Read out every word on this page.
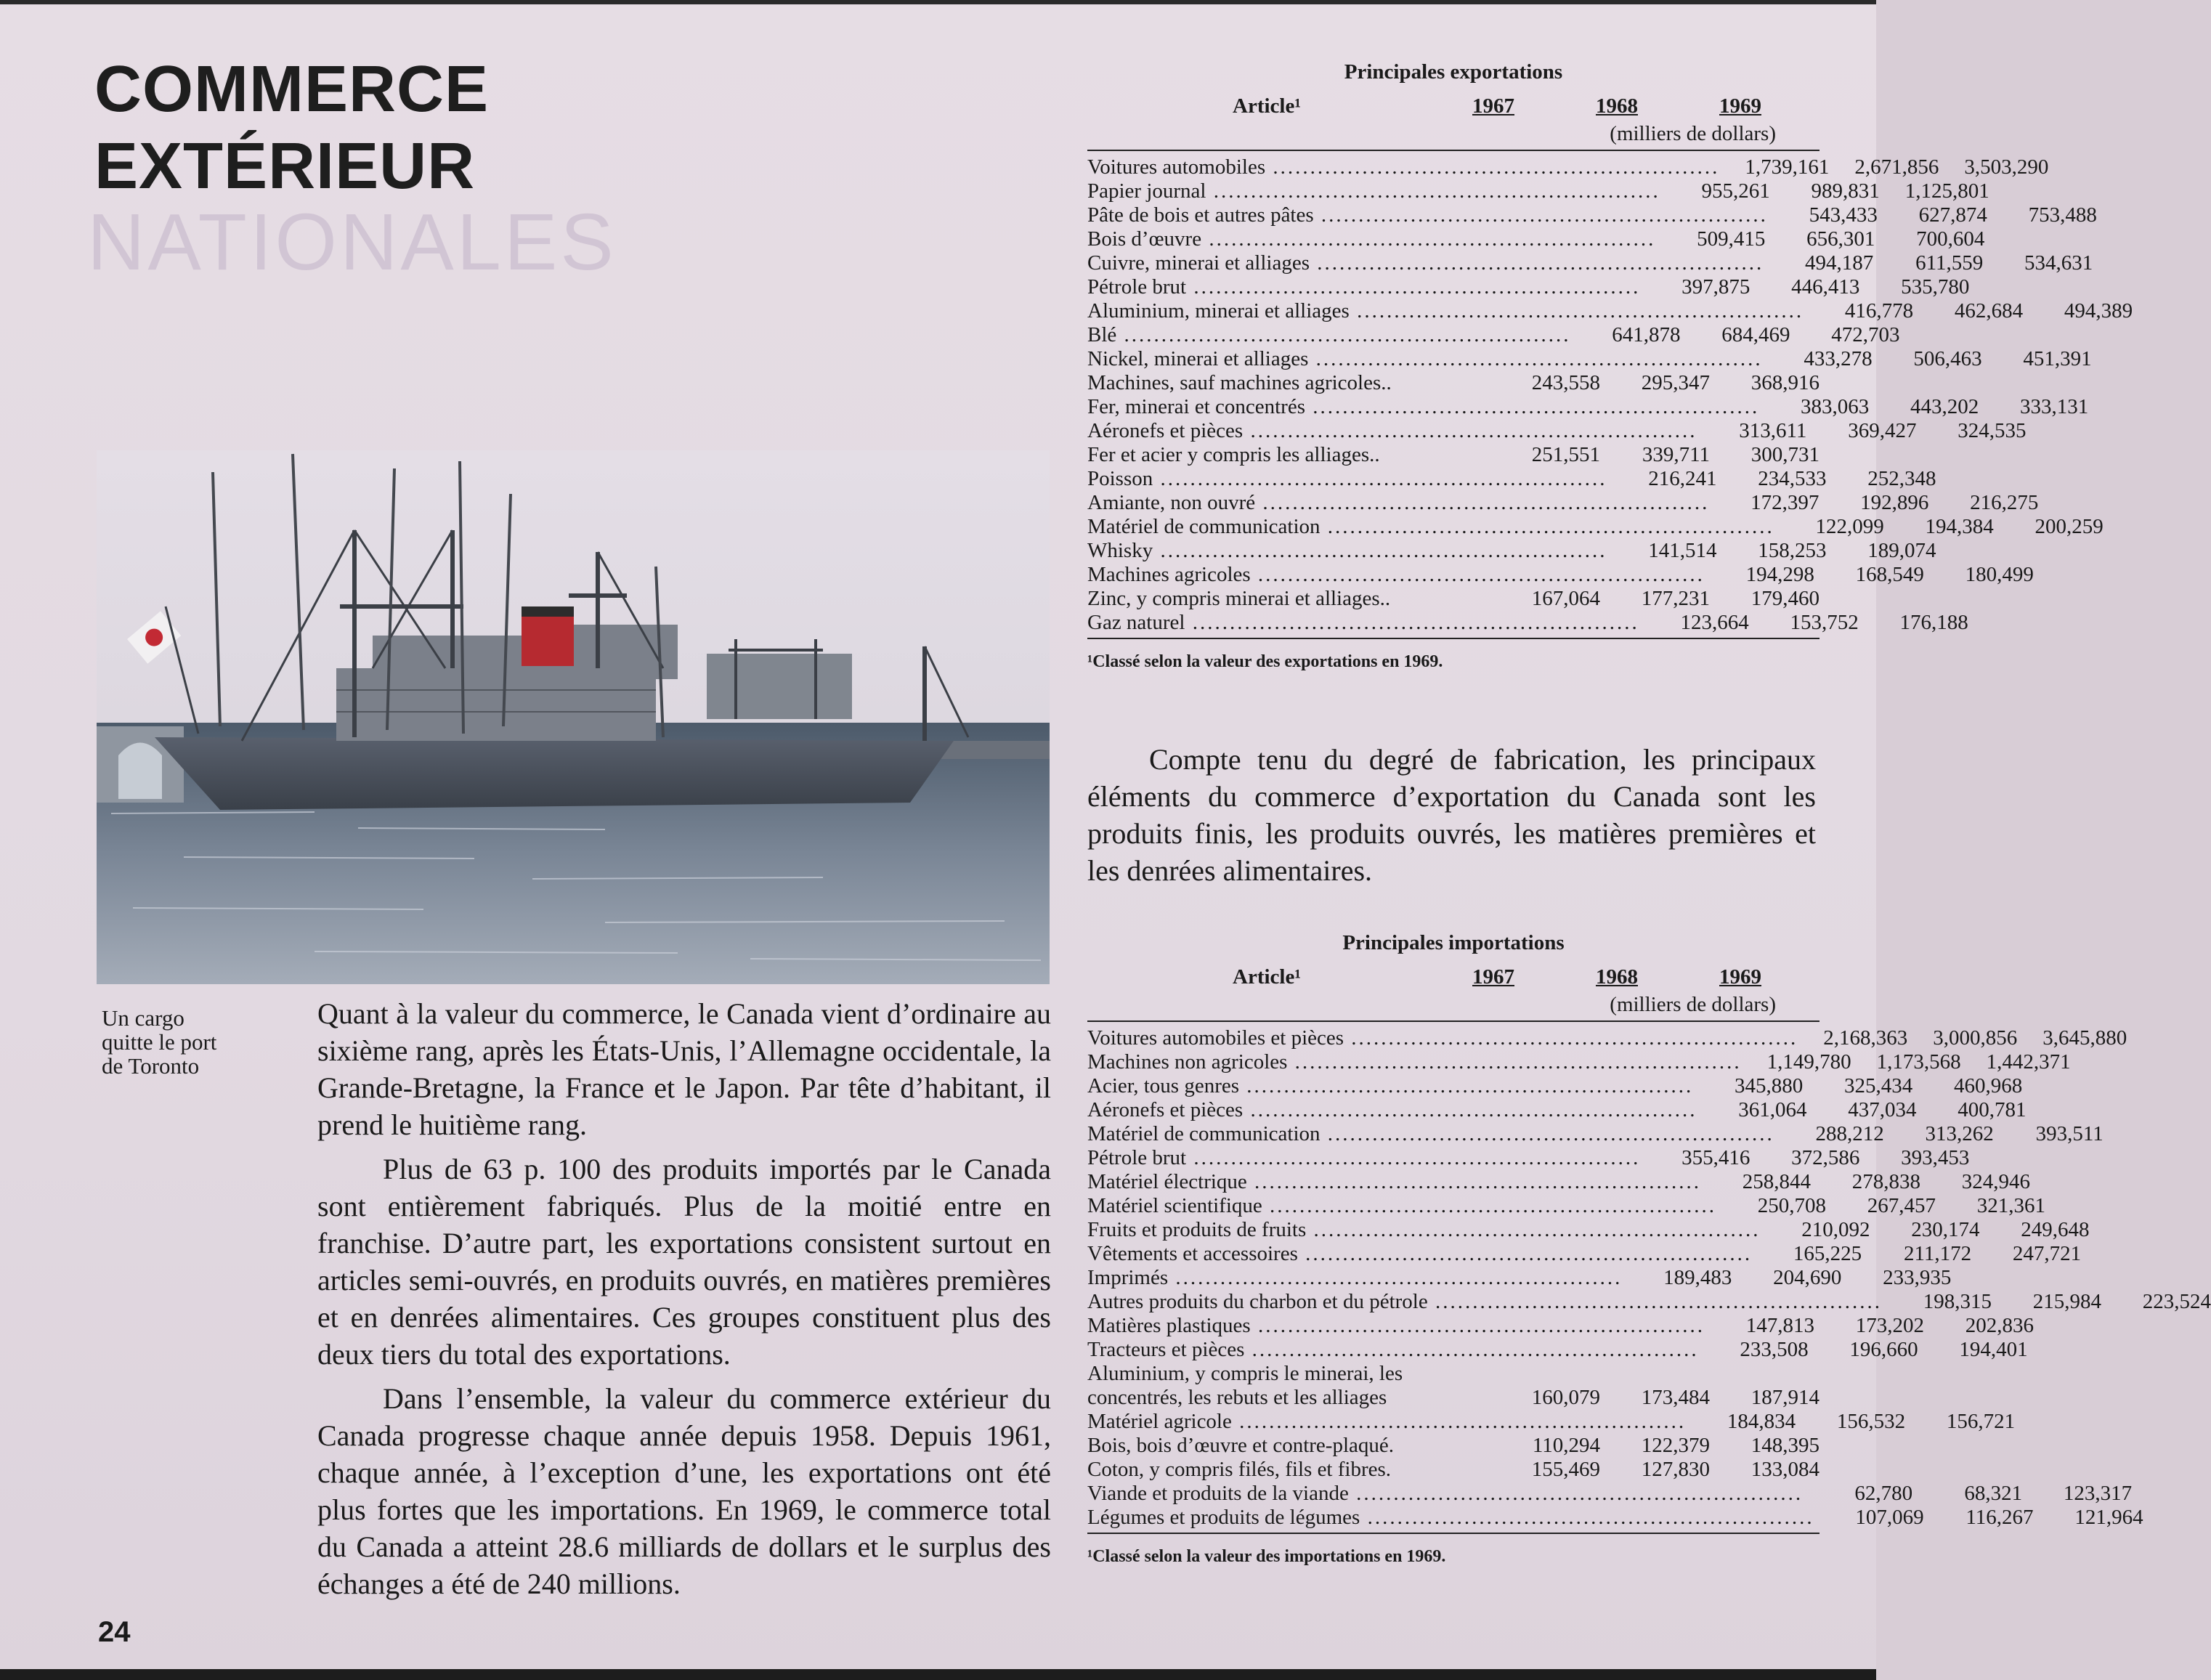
NATIONALES
COMMERCE
EXTÉRIEUR
Un cargo
quitte le port
de Toronto

Quant à la valeur du commerce, le Canada vient d’ordinaire au sixième rang, après les États-Unis, l’Allemagne occidentale, la Grande-Bretagne, la France et le Japon. Par tête d’habitant, il prend le huitième rang.

Plus de 63 p. 100 des produits importés par le Canada sont entièrement fabriqués. Plus de la moitié entre en franchise. D’autre part, les exportations consistent surtout en articles semi-ouvrés, en produits ouvrés, en matières premières et en denrées alimentaires. Ces groupes constituent plus des deux tiers du total des exportations.

Dans l’ensemble, la valeur du commerce extérieur du Canada progresse chaque année depuis 1958. Depuis 1961, chaque année, à l’exception d’une, les exportations ont été plus fortes que les importations. En 1969, le commerce total du Canada a atteint 28.6 milliards de dollars et le surplus des échanges a été de 240 millions.

24
Principales exportations
Article¹	1967	1968	1969
(milliers de dollars)
Voitures automobiles ............................................................	1,739,161	2,671,856	3,503,290
Papier journal ............................................................	955,261	989,831	1,125,801
Pâte de bois et autres pâtes ............................................................	543,433	627,874	753,488
Bois d’œuvre ............................................................	509,415	656,301	700,604
Cuivre, minerai et alliages ............................................................	494,187	611,559	534,631
Pétrole brut ............................................................	397,875	446,413	535,780
Aluminium, minerai et alliages ............................................................	416,778	462,684	494,389
Blé ............................................................	641,878	684,469	472,703
Nickel, minerai et alliages ............................................................	433,278	506,463	451,391
Machines, sauf machines agricoles..	243,558	295,347	368,916
Fer, minerai et concentrés ............................................................	383,063	443,202	333,131
Aéronefs et pièces ............................................................	313,611	369,427	324,535
Fer et acier y compris les alliages..	251,551	339,711	300,731
Poisson ............................................................	216,241	234,533	252,348
Amiante, non ouvré ............................................................	172,397	192,896	216,275
Matériel de communication ............................................................	122,099	194,384	200,259
Whisky ............................................................	141,514	158,253	189,074
Machines agricoles ............................................................	194,298	168,549	180,499
Zinc, y compris minerai et alliages..	167,064	177,231	179,460
Gaz naturel ............................................................	123,664	153,752	176,188
¹Classé selon la valeur des exportations en 1969.

Compte tenu du degré de fabrication, les principaux éléments du commerce d’exportation du Canada sont les produits finis, les produits ouvrés, les matières premières et les denrées alimentaires.

Principales importations
Article¹	1967	1968	1969
(milliers de dollars)
Voitures automobiles et pièces ............................................................	2,168,363	3,000,856	3,645,880
Machines non agricoles ............................................................	1,149,780	1,173,568	1,442,371
Acier, tous genres ............................................................	345,880	325,434	460,968
Aéronefs et pièces ............................................................	361,064	437,034	400,781
Matériel de communication ............................................................	288,212	313,262	393,511
Pétrole brut ............................................................	355,416	372,586	393,453
Matériel électrique ............................................................	258,844	278,838	324,946
Matériel scientifique ............................................................	250,708	267,457	321,361
Fruits et produits de fruits ............................................................	210,092	230,174	249,648
Vêtements et accessoires ............................................................	165,225	211,172	247,721
Imprimés ............................................................	189,483	204,690	233,935
Autres produits du charbon et du pétrole ............................................................	198,315	215,984	223,524
Matières plastiques ............................................................	147,813	173,202	202,836
Tracteurs et pièces ............................................................	233,508	196,660	194,401
Aluminium, y compris le minerai, les concentrés, les rebuts et les alliages	160,079	173,484	187,914
Matériel agricole ............................................................	184,834	156,532	156,721
Bois, bois d’œuvre et contre-plaqué.	110,294	122,379	148,395
Coton, y compris filés, fils et fibres.	155,469	127,830	133,084
Viande et produits de la viande ............................................................	62,780	68,321	123,317
Légumes et produits de légumes ............................................................	107,069	116,267	121,964
¹Classé selon la valeur des importations en 1969.
